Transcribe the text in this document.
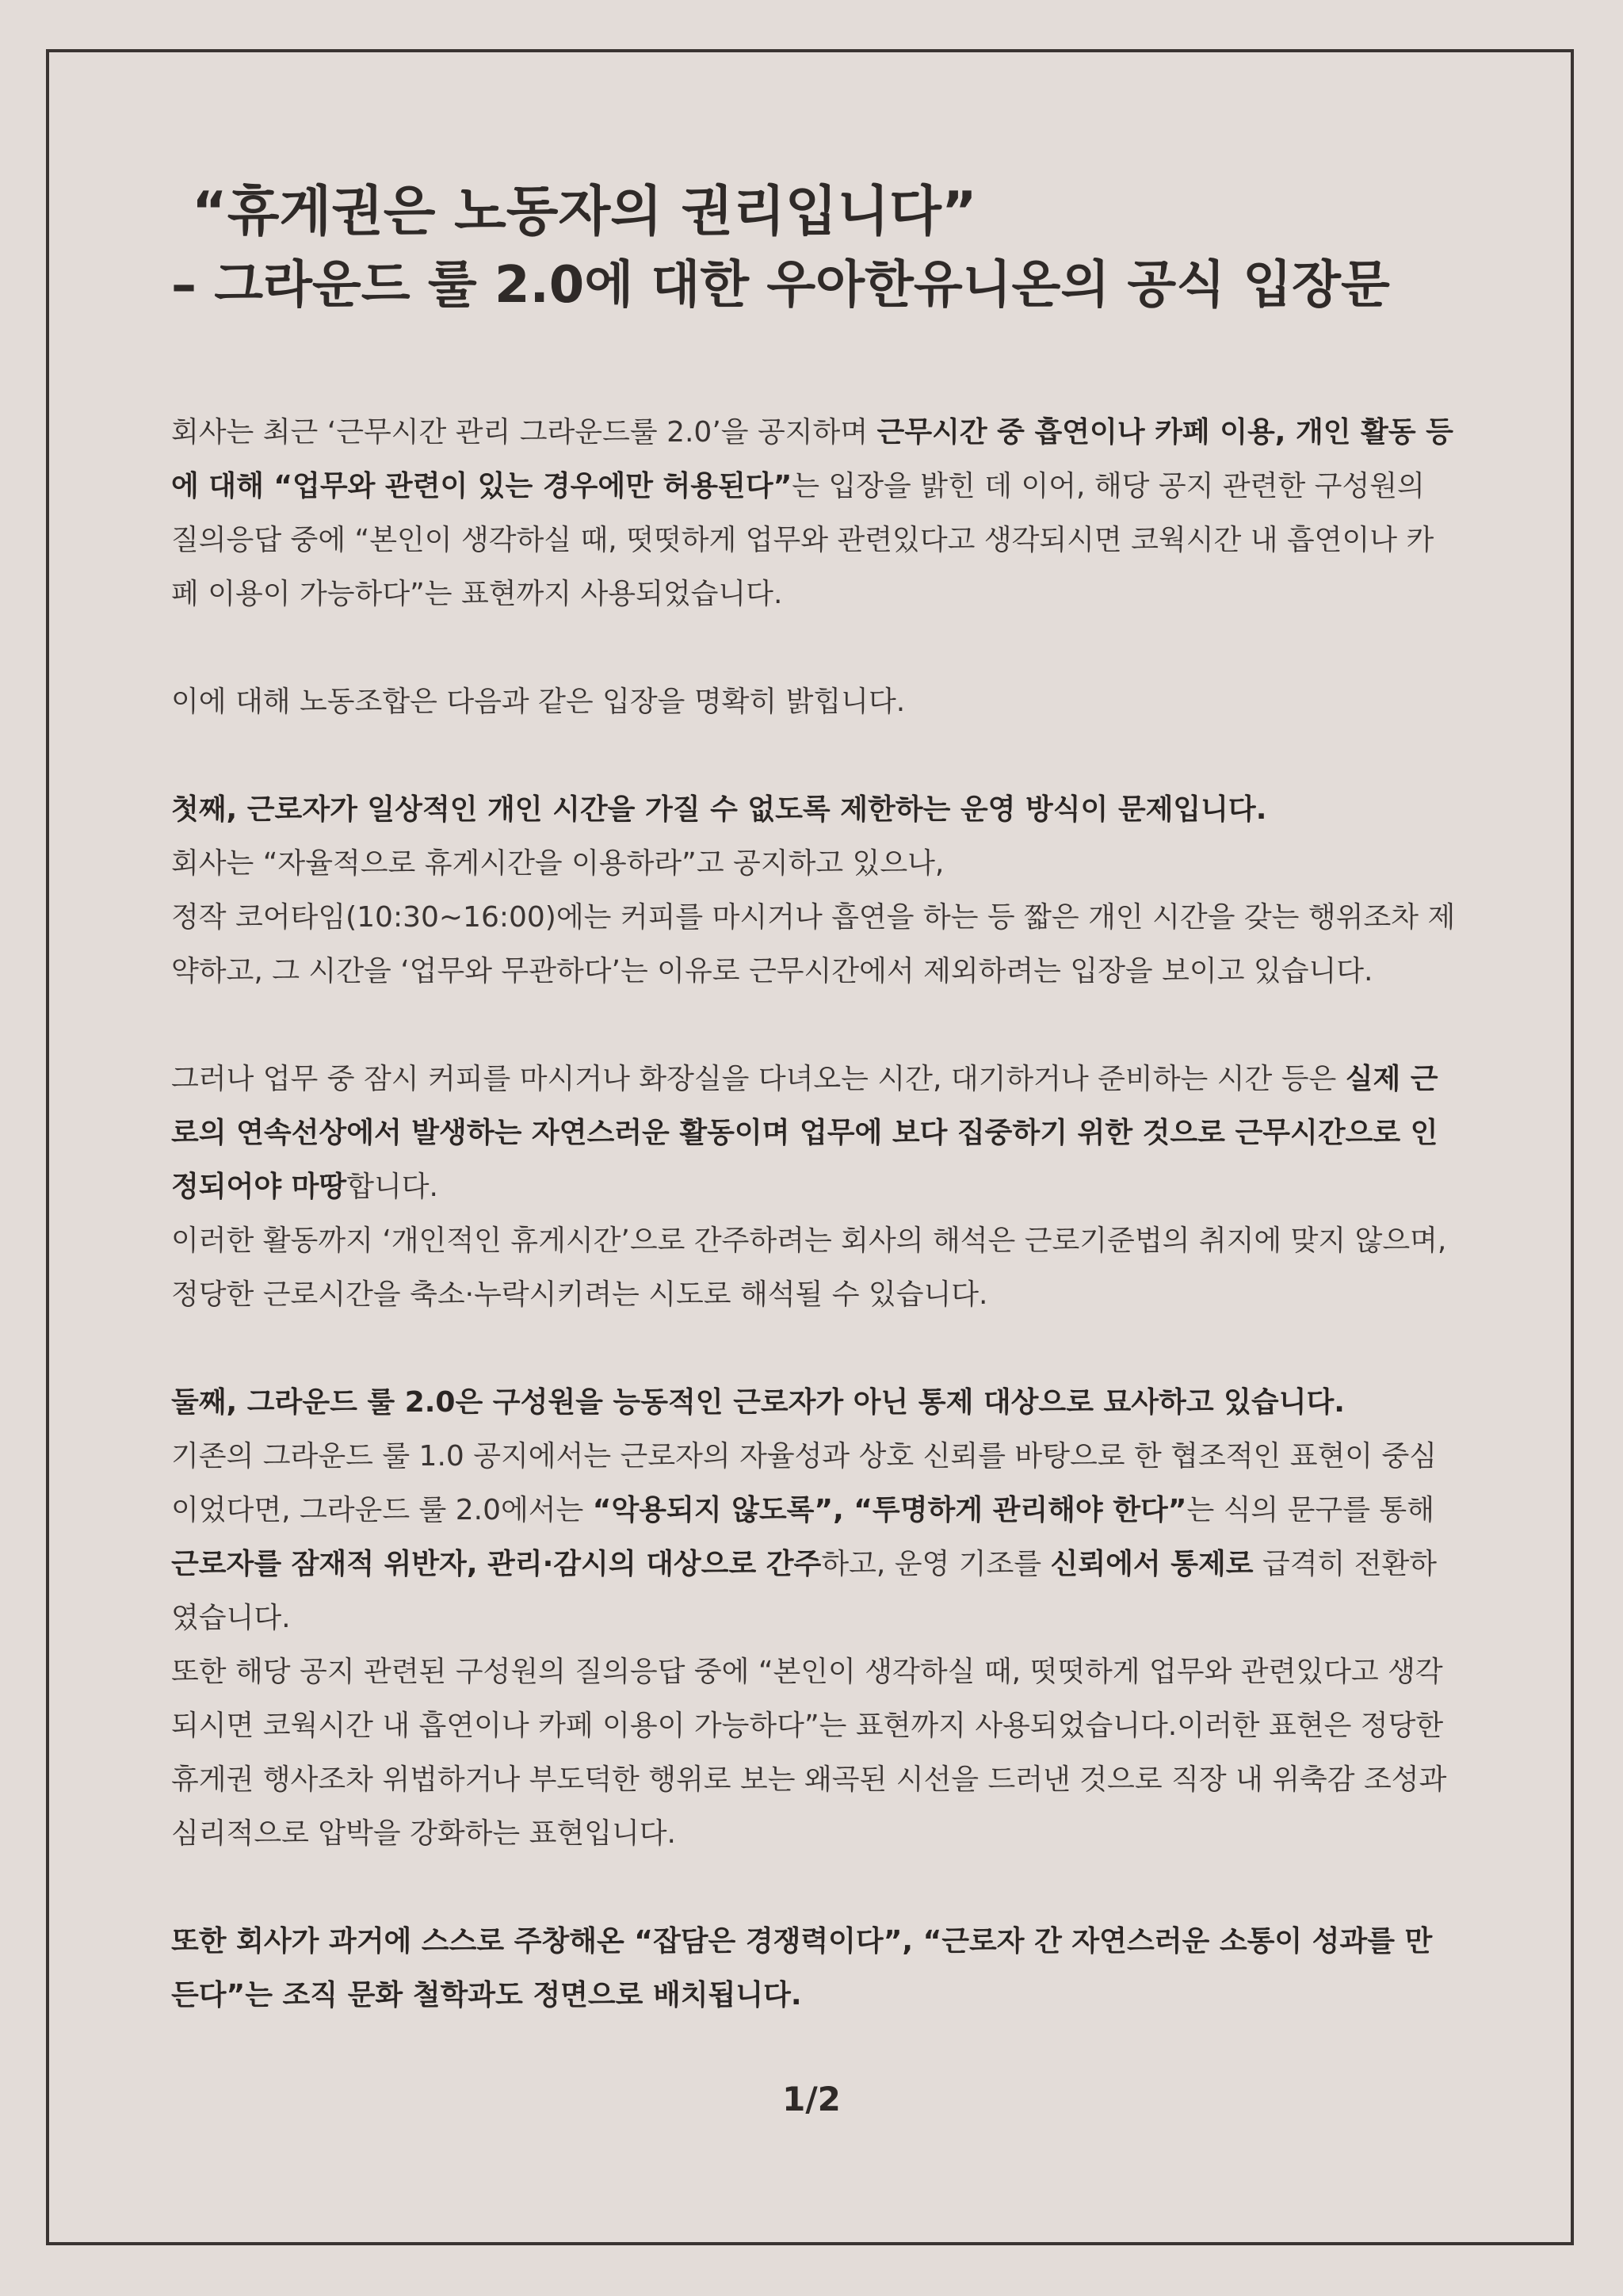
“휴게권은 노동자의 권리입니다”

– 그라운드 룰 2.0에 대한 우아한유니온의 공식 입장문

회사는 최근 ‘근무시간 관리 그라운드룰 2.0’을 공지하며 근무시간 중 흡연이나 카페 이용, 개인 활동 등에 대해 “업무와 관련이 있는 경우에만 허용된다”는 입장을 밝힌 데 이어, 해당 공지 관련한 구성원의 질의응답 중에 “본인이 생각하실 때, 떳떳하게 업무와 관련있다고 생각되시면 코웍시간 내 흡연이나 카페 이용이 가능하다”는 표현까지 사용되었습니다.

이에 대해 노동조합은 다음과 같은 입장을 명확히 밝힙니다.

첫째, 근로자가 일상적인 개인 시간을 가질 수 없도록 제한하는 운영 방식이 문제입니다.

회사는 “자율적으로 휴게시간을 이용하라”고 공지하고 있으나,

정작 코어타임(10:30~16:00)에는 커피를 마시거나 흡연을 하는 등 짧은 개인 시간을 갖는 행위조차 제약하고, 그 시간을 ‘업무와 무관하다’는 이유로 근무시간에서 제외하려는 입장을 보이고 있습니다.

그러나 업무 중 잠시 커피를 마시거나 화장실을 다녀오는 시간, 대기하거나 준비하는 시간 등은 실제 근로의 연속선상에서 발생하는 자연스러운 활동이며 업무에 보다 집중하기 위한 것으로 근무시간으로 인정되어야 마땅합니다.

이러한 활동까지 ‘개인적인 휴게시간’으로 간주하려는 회사의 해석은 근로기준법의 취지에 맞지 않으며, 정당한 근로시간을 축소·누락시키려는 시도로 해석될 수 있습니다.

둘째, 그라운드 룰 2.0은 구성원을 능동적인 근로자가 아닌 통제 대상으로 묘사하고 있습니다.

기존의 그라운드 룰 1.0 공지에서는 근로자의 자율성과 상호 신뢰를 바탕으로 한 협조적인 표현이 중심이었다면, 그라운드 룰 2.0에서는 “악용되지 않도록”, “투명하게 관리해야 한다”는 식의 문구를 통해 근로자를 잠재적 위반자, 관리·감시의 대상으로 간주하고, 운영 기조를 신뢰에서 통제로 급격히 전환하였습니다.

또한 해당 공지 관련된 구성원의 질의응답 중에 “본인이 생각하실 때, 떳떳하게 업무와 관련있다고 생각되시면 코웍시간 내 흡연이나 카페 이용이 가능하다”는 표현까지 사용되었습니다.이러한 표현은 정당한 휴게권 행사조차 위법하거나 부도덕한 행위로 보는 왜곡된 시선을 드러낸 것으로 직장 내 위축감 조성과 심리적으로 압박을 강화하는 표현입니다.

또한 회사가 과거에 스스로 주창해온 “잡담은 경쟁력이다”, “근로자 간 자연스러운 소통이 성과를 만든다”는 조직 문화 철학과도 정면으로 배치됩니다.

1/2
